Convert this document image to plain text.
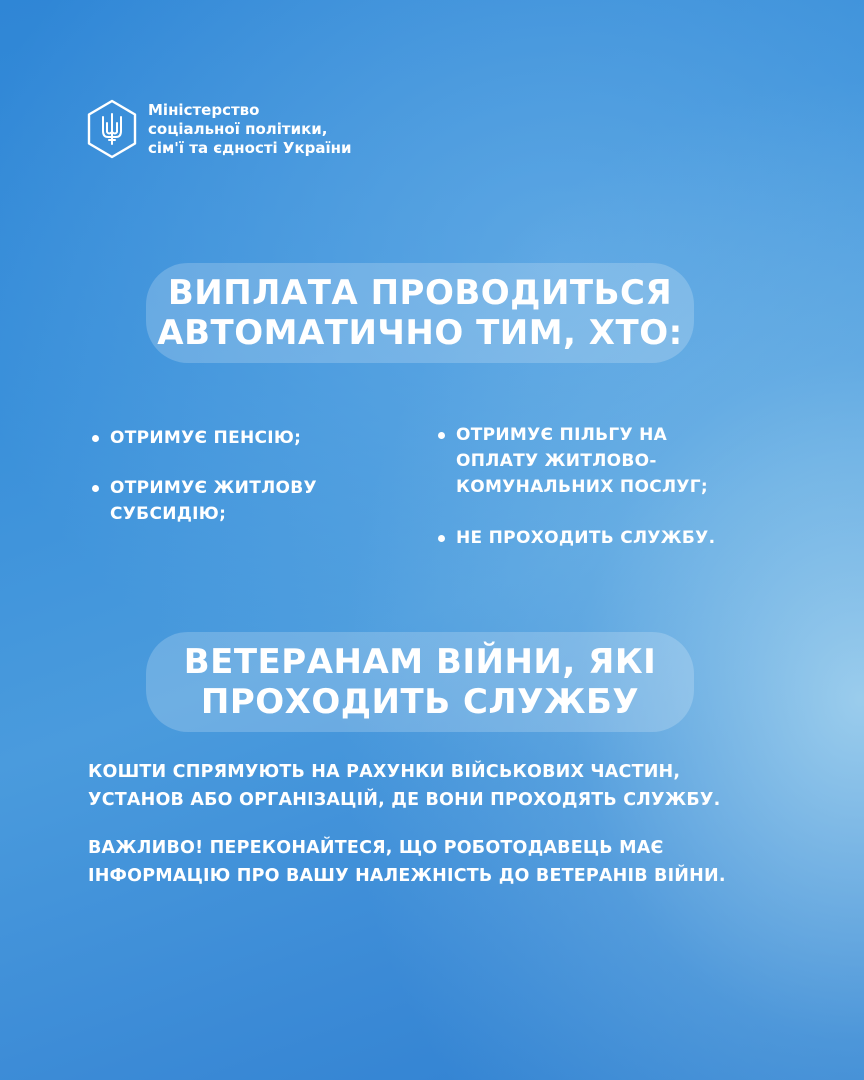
Міністерство
соціальної політики,
сім'ї та єдності України
ВИПЛАТА ПРОВОДИТЬСЯ
АВТОМАТИЧНО ТИМ, ХТО:
ОТРИМУЄ ПЕНСІЮ;
ОТРИМУЄ ЖИТЛОВУ
СУБСИДІЮ;
ОТРИМУЄ ПІЛЬГУ НА
ОПЛАТУ ЖИТЛОВО-
КОМУНАЛЬНИХ ПОСЛУГ;
НЕ ПРОХОДИТЬ СЛУЖБУ.
ВЕТЕРАНАМ ВІЙНИ, ЯКІ
ПРОХОДИТЬ СЛУЖБУ
КОШТИ СПРЯМУЮТЬ НА РАХУНКИ ВІЙСЬКОВИХ ЧАСТИН,
УСТАНОВ АБО ОРГАНІЗАЦІЙ, ДЕ ВОНИ ПРОХОДЯТЬ СЛУЖБУ.
ВАЖЛИВО! ПЕРЕКОНАЙТЕСЯ, ЩО РОБОТОДАВЕЦЬ МАЄ
ІНФОРМАЦІЮ ПРО ВАШУ НАЛЕЖНІСТЬ ДО ВЕТЕРАНІВ ВІЙНИ.
